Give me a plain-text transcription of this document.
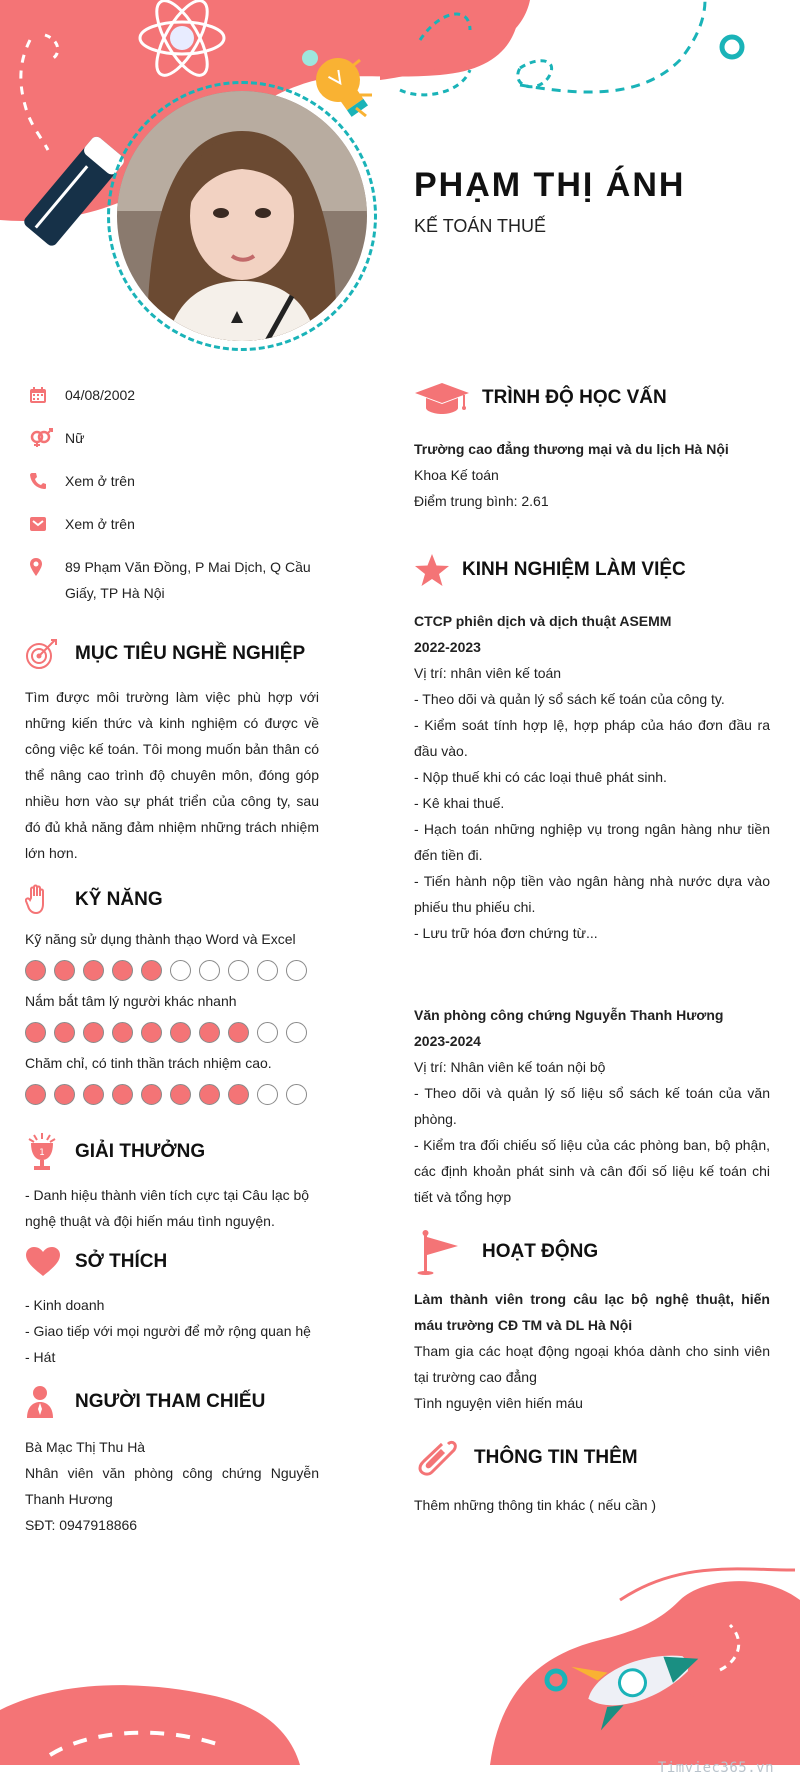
PHẠM THỊ ÁNH
KẾ TOÁN THUẾ
04/08/2002
Nữ
Xem ở trên
Xem ở trên
89 Phạm Văn Đồng, P Mai Dịch, Q Cầu Giấy, TP Hà Nội
MỤC TIÊU NGHỀ NGHIỆP
Tìm được môi trường làm việc phù hợp với những kiến thức và kinh nghiệm có được về công việc kế toán. Tôi mong muốn bản thân có thể nâng cao trình độ chuyên môn, đóng góp nhiều hơn vào sự phát triển của công ty, sau đó đủ khả năng đảm nhiệm những trách nhiệm lớn hơn.
KỸ NĂNG
Kỹ năng sử dụng thành thạo Word và Excel
Nắm bắt tâm lý người khác nhanh
Chăm chỉ, có tinh thần trách nhiệm cao.
1 GIẢI THƯỞNG
- Danh hiệu thành viên tích cực tại Câu lạc bộ nghệ thuật và đội hiến máu tình nguyện.
SỞ THÍCH
- Kinh doanh
- Giao tiếp với mọi người để mở rộng quan hệ
- Hát
NGƯỜI THAM CHIẾU
Bà Mạc Thị Thu Hà
Nhân viên văn phòng công chứng Nguyễn Thanh Hương
SĐT: 0947918866
TRÌNH ĐỘ HỌC VẤN
Trường cao đẳng thương mại và du lịch Hà Nội
Khoa Kế toán
Điểm trung bình: 2.61
KINH NGHIỆM LÀM VIỆC
CTCP phiên dịch và dịch thuật ASEMM
2022-2023
Vị trí: nhân viên kế toán
- Theo dõi và quản lý sổ sách kế toán của công ty.
- Kiểm soát tính hợp lệ, hợp pháp của háo đơn đầu ra đầu vào.
- Nộp thuế khi có các loại thuê phát sinh.
- Kê khai thuế.
- Hạch toán những nghiệp vụ trong ngân hàng như tiền đến tiền đi.
- Tiến hành nộp tiền vào ngân hàng nhà nước dựa vào phiếu thu phiếu chi.
- Lưu trữ hóa đơn chứng từ...
Văn phòng công chứng Nguyễn Thanh Hương
2023-2024
Vị trí: Nhân viên kế toán nội bộ
- Theo dõi và quản lý số liệu sổ sách kế toán của văn phòng.
- Kiểm tra đối chiếu số liệu của các phòng ban, bộ phận, các định khoản phát sinh và cân đối số liệu kế toán chi tiết và tổng hợp
HOẠT ĐỘNG
Làm thành viên trong câu lạc bộ nghệ thuật, hiến máu trường CĐ TM và DL Hà Nội
Tham gia các hoạt động ngoại khóa dành cho sinh viên tại trường cao đẳng
Tình nguyện viên hiến máu
THÔNG TIN THÊM
Thêm những thông tin khác ( nếu cần )
Timviec365.vn
